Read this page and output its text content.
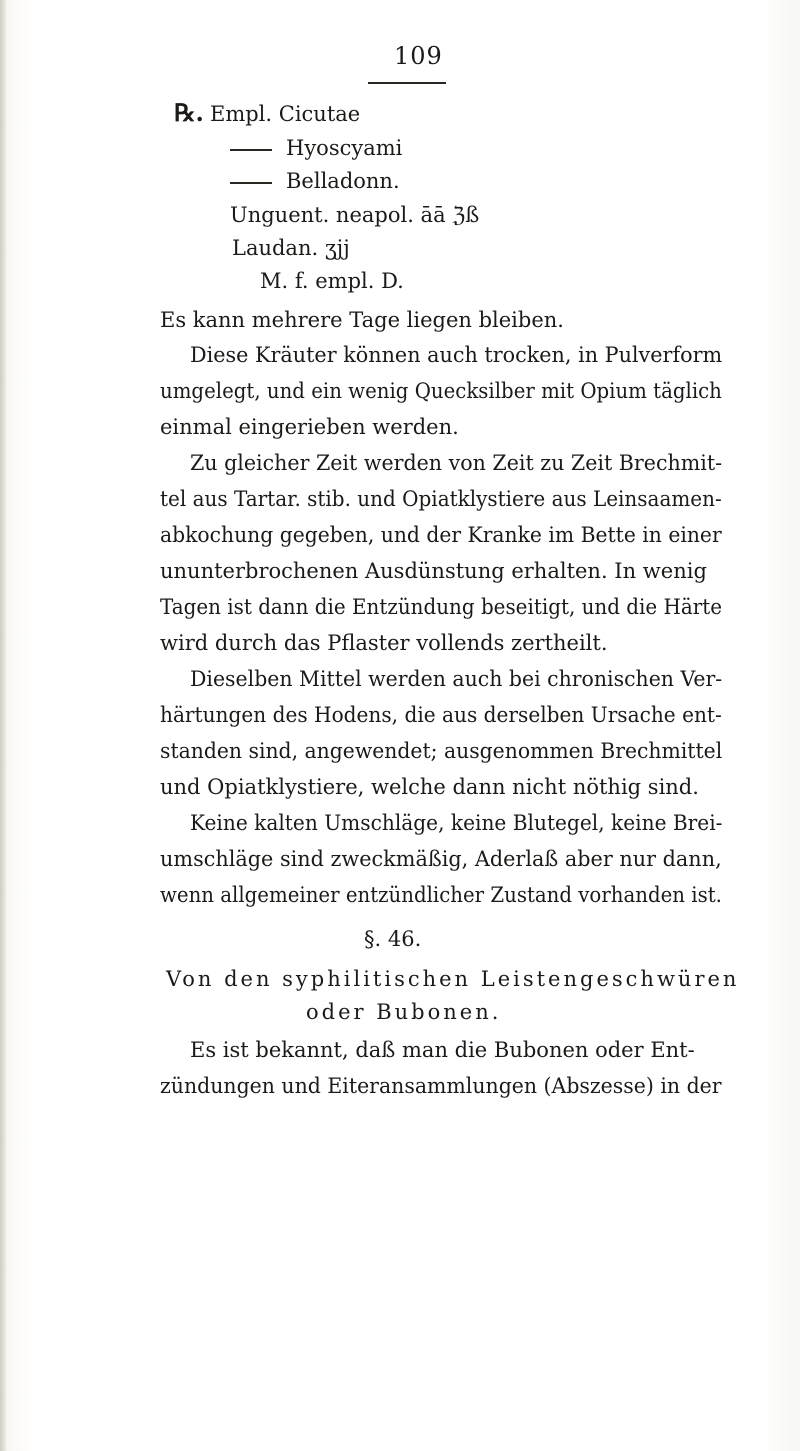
109
℞. Empl. Cicutae
Hyoscyami
Belladonn.
Unguent. neapol. āā ℨß
Laudan. ʒjj
M. f. empl. D.
Es kann mehrere Tage liegen bleiben.
Diese Kräuter können auch trocken, in Pulverform
umgelegt, und ein wenig Quecksilber mit Opium täglich
einmal eingerieben werden.
Zu gleicher Zeit werden von Zeit zu Zeit Brechmit-
tel aus Tartar. stib. und Opiatklystiere aus Leinsaamen-
abkochung gegeben, und der Kranke im Bette in einer
ununterbrochenen Ausdünstung erhalten. In wenig
Tagen ist dann die Entzündung beseitigt, und die Härte
wird durch das Pflaster vollends zertheilt.
Dieselben Mittel werden auch bei chronischen Ver-
härtungen des Hodens, die aus derselben Ursache ent-
standen sind, angewendet; ausgenommen Brechmittel
und Opiatklystiere, welche dann nicht nöthig sind.
Keine kalten Umschläge, keine Blutegel, keine Brei-
umschläge sind zweckmäßig, Aderlaß aber nur dann,
wenn allgemeiner entzündlicher Zustand vorhanden ist.
§. 46.
Von den syphilitischen Leistengeschwüren
oder Bubonen.
Es ist bekannt, daß man die Bubonen oder Ent-
zündungen und Eiteransammlungen (Abszesse) in der
